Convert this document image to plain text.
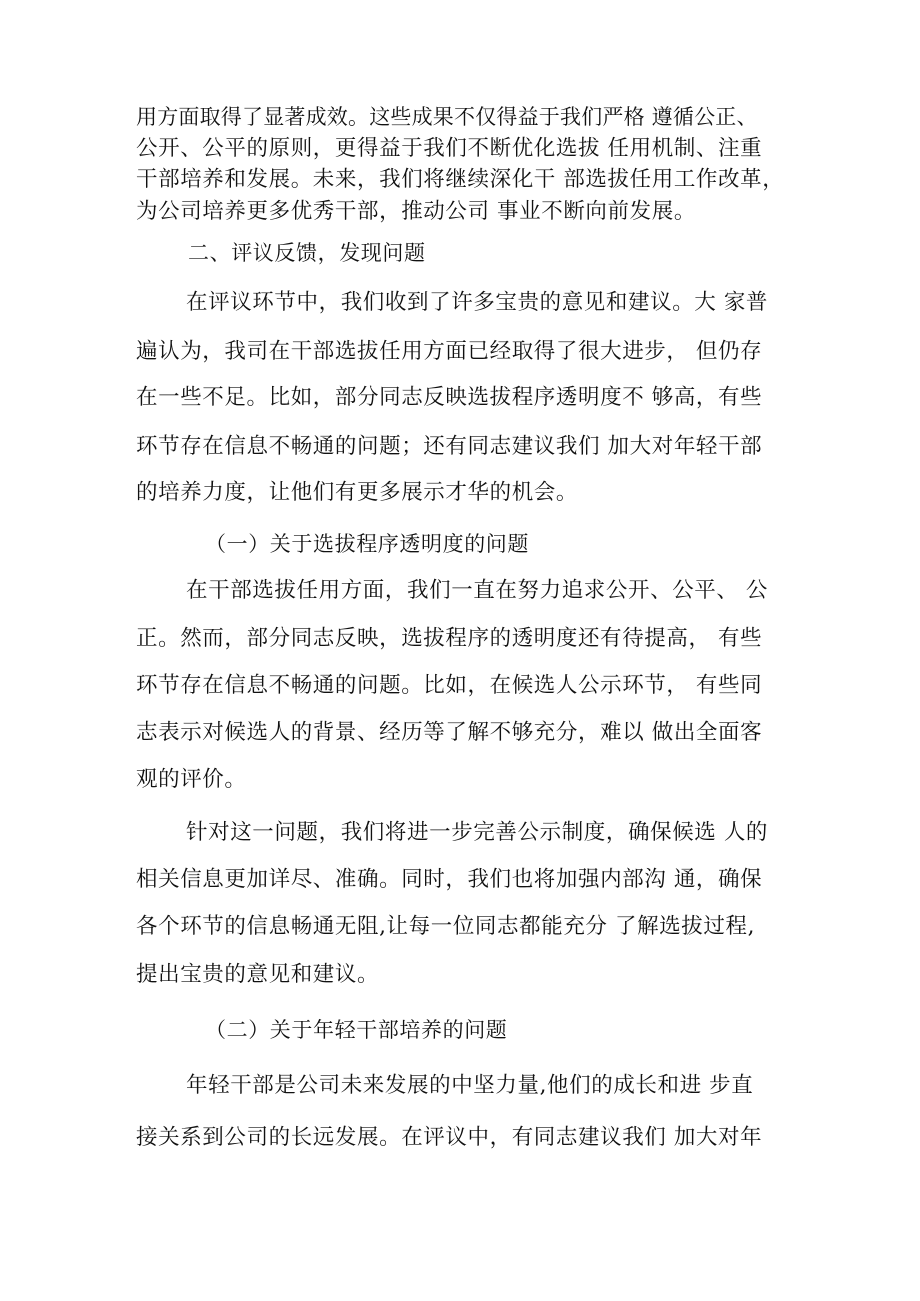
用方面取得了显著成效。这些成果不仅得益于我们严格 遵循公正、
公开、公平的原则，更得益于我们不断优化选拔 任用机制、注重
干部培养和发展。未来，我们将继续深化干 部选拔任用工作改革，
为公司培养更多优秀干部，推动公司 事业不断向前发展。
二、评议反馈，发现问题
在评议环节中，我们收到了许多宝贵的意见和建议。大 家普
遍认为，我司在干部选拔任用方面已经取得了很大进步， 但仍存
在一些不足。比如，部分同志反映选拔程序透明度不 够高，有些
环节存在信息不畅通的问题；还有同志建议我们 加大对年轻干部
的培养力度，让他们有更多展示才华的机会。
（一）关于选拔程序透明度的问题
在干部选拔任用方面，我们一直在努力追求公开、公平、 公
正。然而，部分同志反映，选拔程序的透明度还有待提高， 有些
环节存在信息不畅通的问题。比如，在候选人公示环节， 有些同
志表示对候选人的背景、经历等了解不够充分，难以 做出全面客
观的评价。
针对这一问题，我们将进一步完善公示制度，确保候选 人的
相关信息更加详尽、准确。同时，我们也将加强内部沟 通，确保
各个环节的信息畅通无阻,让每一位同志都能充分 了解选拔过程,
提出宝贵的意见和建议。
（二）关于年轻干部培养的问题
年轻干部是公司未来发展的中坚力量,他们的成长和进 步直
接关系到公司的长远发展。在评议中，有同志建议我们 加大对年
